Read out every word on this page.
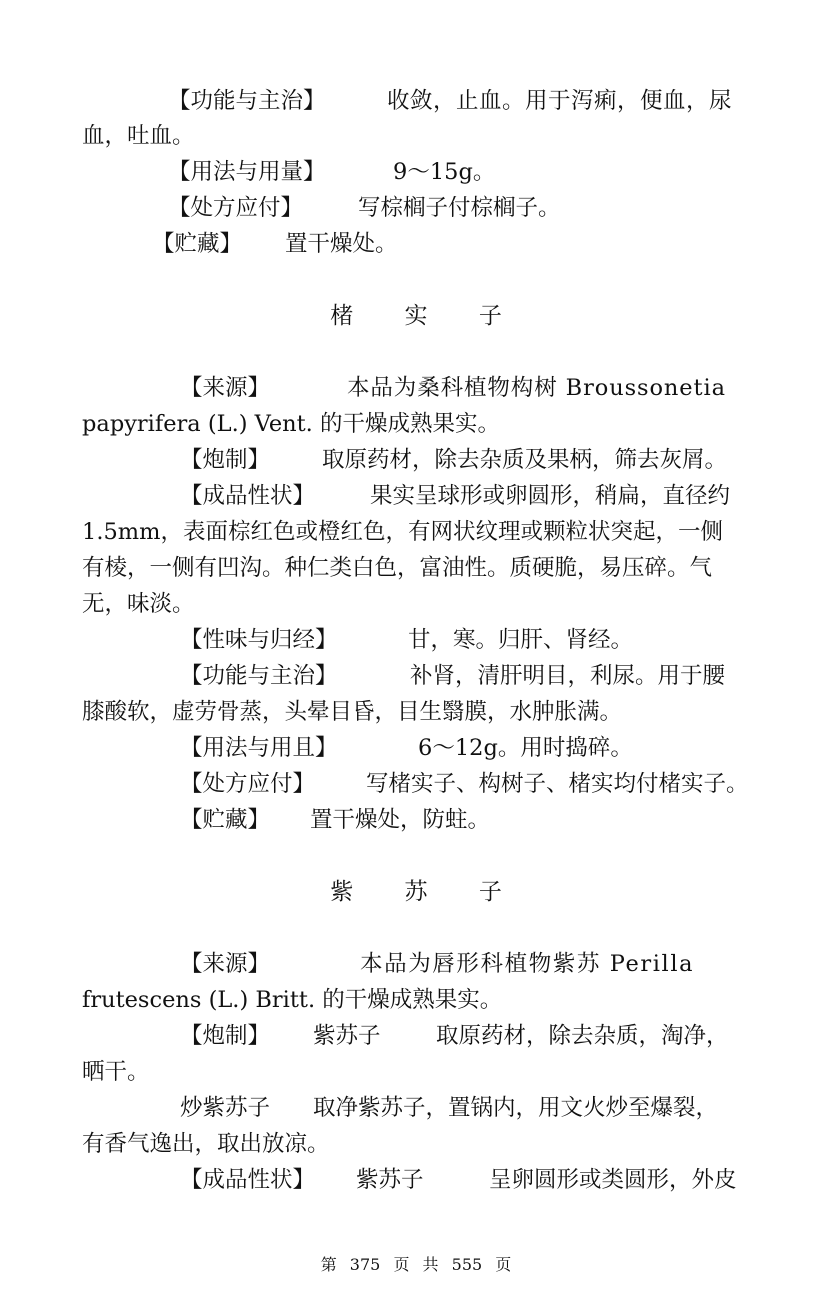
【功能与主治】	收敛，止血。用于泻痢，便血，尿
血，吐血。
【用法与用量】	9～15g。
【处方应付】 写棕榈子付棕榈子。
【贮藏】 置干燥处。
楮 实 子
【来源】	本品为桑科植物构树 Broussonetia
papyrifera (L.) Vent. 的干燥成熟果实。
【炮制】 取原药材，除去杂质及果柄，筛去灰屑。
【成品性状】 果实呈球形或卵圆形，稍扁，直径约
1.5mm，表面棕红色或橙红色，有网状纹理或颗粒状突起，一侧
有棱，一侧有凹沟。种仁类白色，富油性。质硬脆，易压碎。气
无，味淡。
【性味与归经】	甘，寒。归肝、肾经。
【功能与主治】	补肾，清肝明目，利尿。用于腰
膝酸软，虚劳骨蒸，头晕目昏，目生翳膜，水肿胀满。
【用法与用且】	6～12g。用时捣碎。
【处方应付】 写楮实子、构树子、楮实均付楮实子。
【贮藏】 置干燥处，防蛀。
紫 苏 子
【来源】	本品为唇形科植物紫苏 Perilla
frutescens (L.) Britt. 的干燥成熟果实。
【炮制】 紫苏子 取原药材，除去杂质，淘净，
晒干。
炒紫苏子 取净紫苏子，置锅内，用文火炒至爆裂，
有香气逸出，取出放凉。
【成品性状】 紫苏子	呈卵圆形或类圆形，外皮
第 375 页 共 555 页
